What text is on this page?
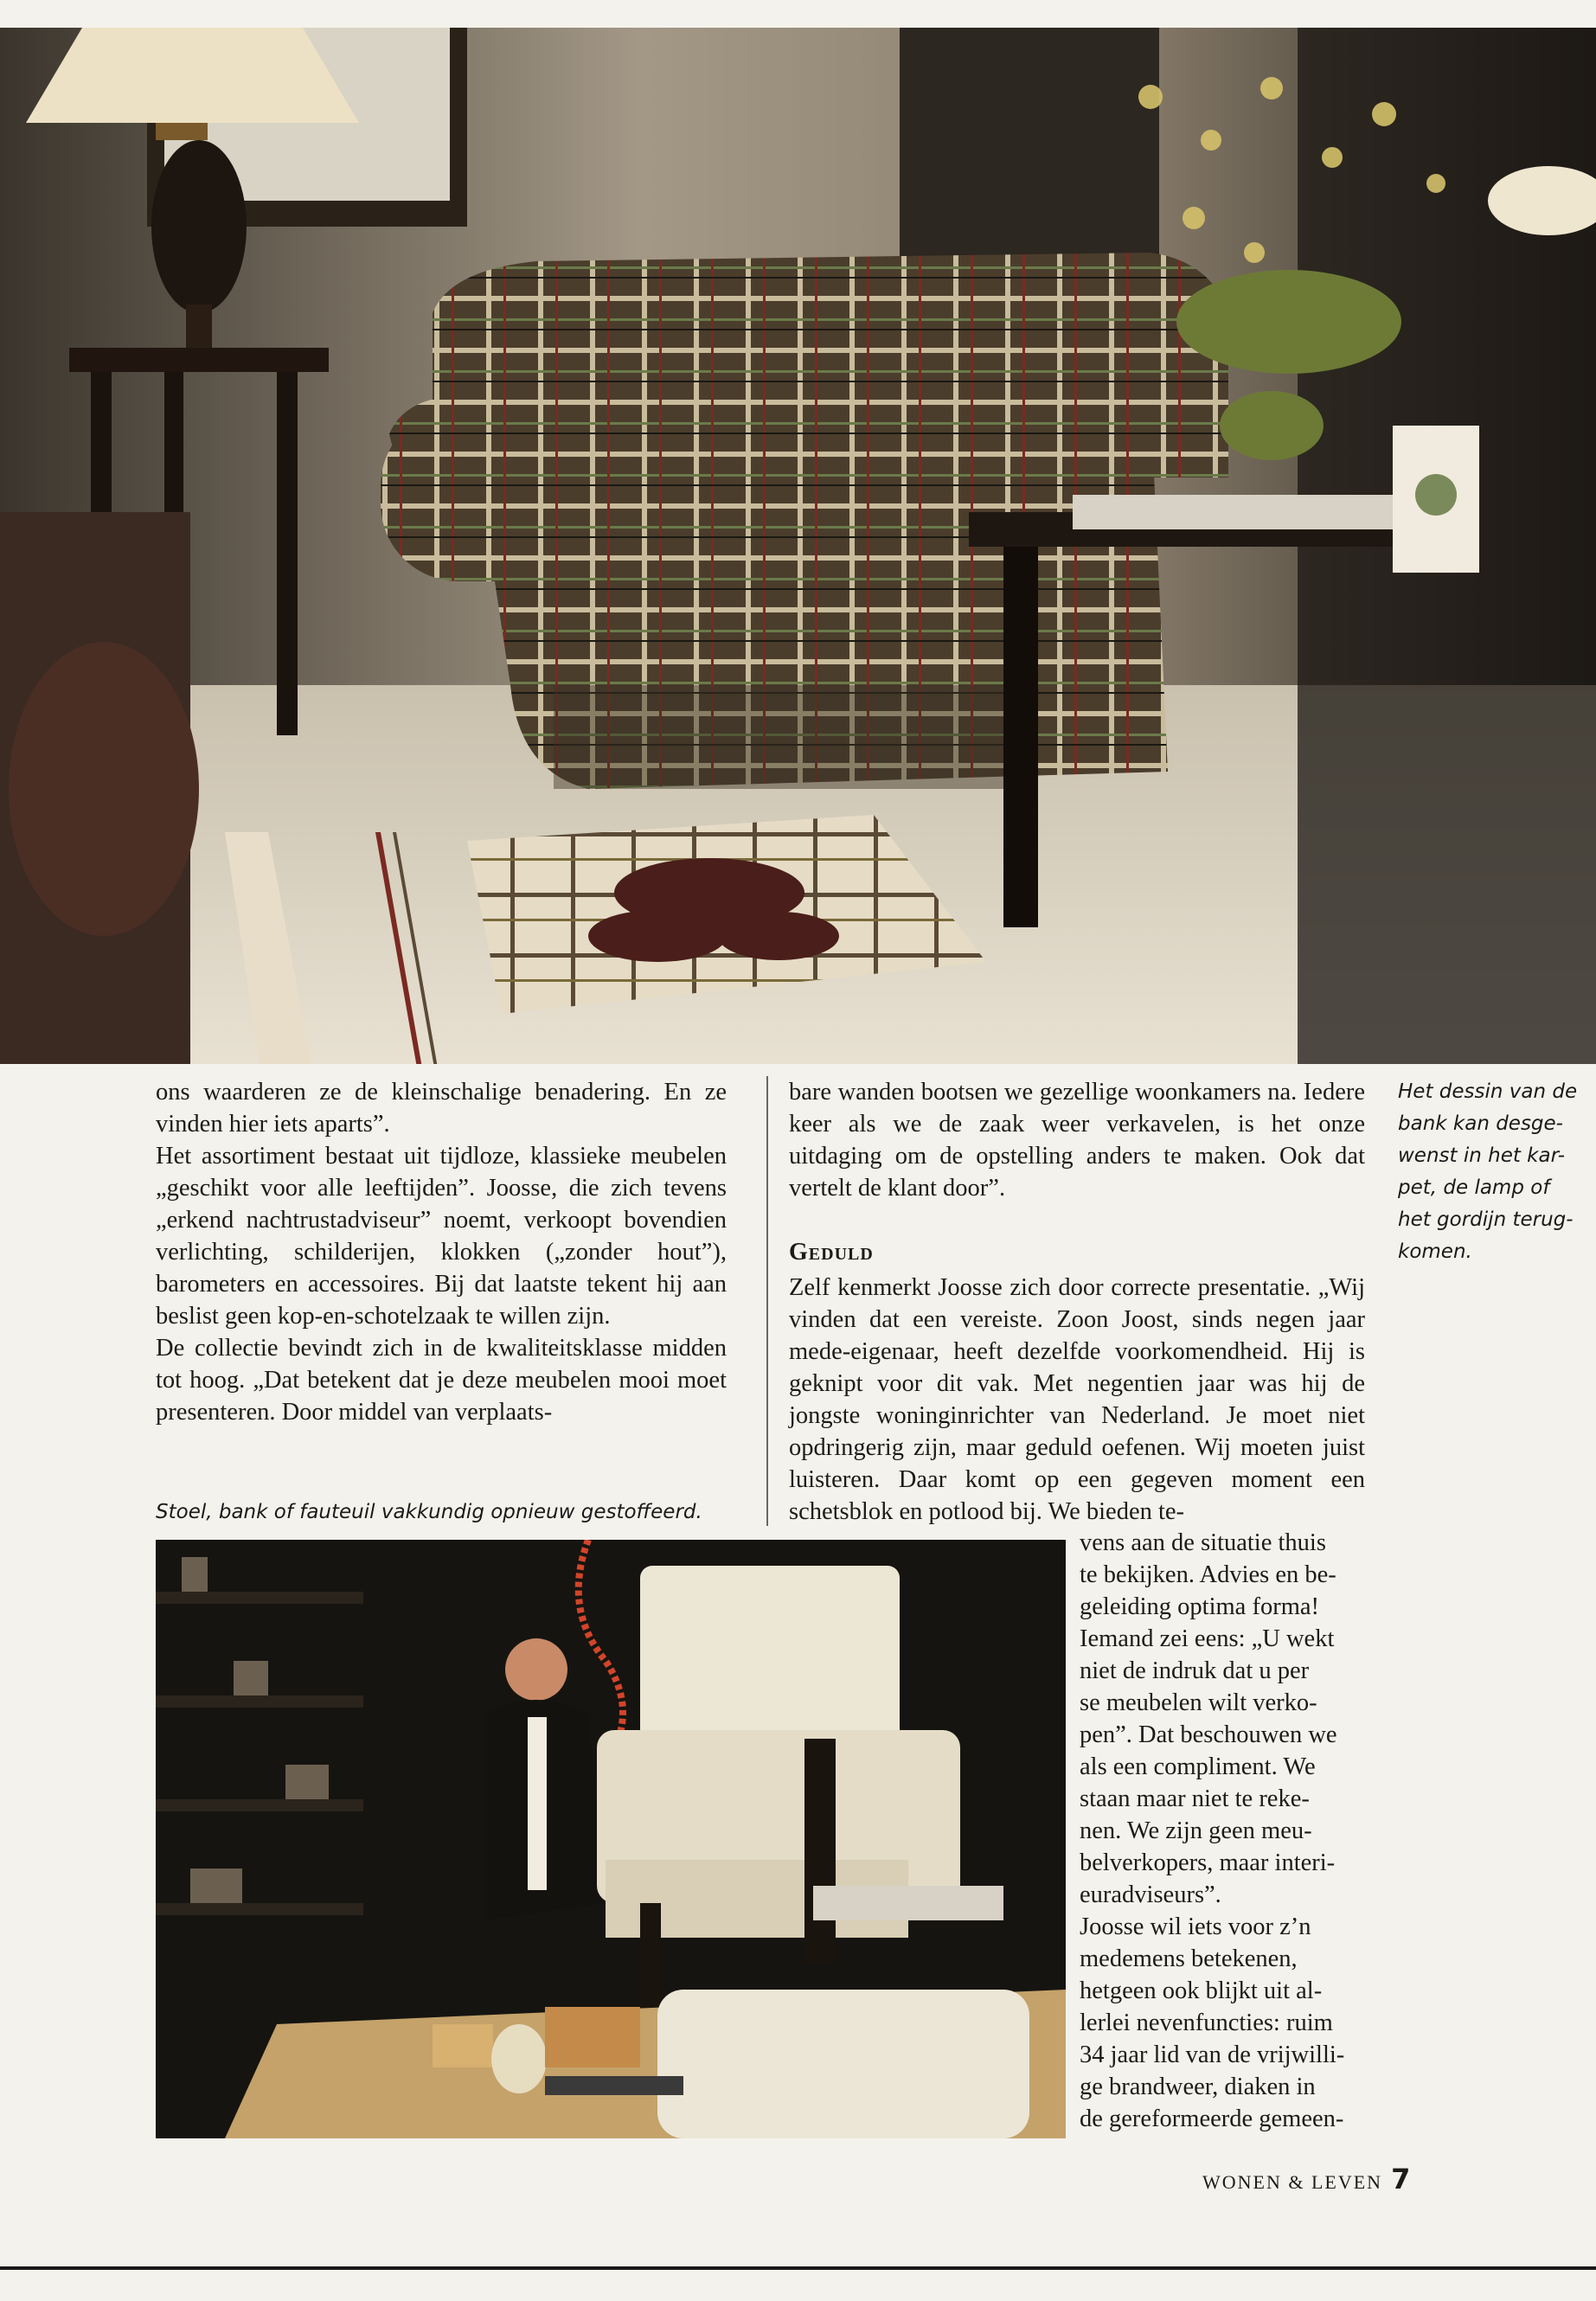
ons waarderen ze de kleinschalige benadering. En ze vinden hier iets aparts”.

Het assortiment bestaat uit tijdloze, klassieke meubelen „geschikt voor alle leeftijden”. Joosse, die zich tevens „erkend nachtrustadviseur” noemt, verkoopt bovendien verlichting, schilderijen, klokken („zonder hout”), barometers en accessoires. Bij dat laatste tekent hij aan beslist geen kop-en-schotelzaak te willen zijn.

De collectie bevindt zich in de kwaliteitsklasse midden tot hoog. „Dat betekent dat je deze meubelen mooi moet presenteren. Door middel van verplaats-

Stoel, bank of fauteuil vakkundig opnieuw gestoffeerd.

bare wanden bootsen we gezellige woonkamers na. Iedere keer als we de zaak weer verkavelen, is het onze uitdaging om de opstelling anders te maken. Ook dat vertelt de klant door”.

Geduld

Zelf kenmerkt Joosse zich door correcte presentatie. „Wij vinden dat een vereiste. Zoon Joost, sinds negen jaar mede-eigenaar, heeft dezelfde voorkomendheid. Hij is geknipt voor dit vak. Met negentien jaar was hij de jongste woninginrichter van Nederland. Je moet niet opdringerig zijn, maar geduld oefenen. Wij moeten juist luisteren. Daar komt op een gegeven moment een schetsblok en potlood bij. We bieden te-

vens aan de situatie thuis
te bekijken. Advies en be-
geleiding optima forma!
Iemand zei eens: „U wekt
niet de indruk dat u per
se meubelen wilt verko-
pen”. Dat beschouwen we
als een compliment. We
staan maar niet te reke-
nen. We zijn geen meu-
belverkopers, maar interi-
euradviseurs”.
Joosse wil iets voor z’n
medemens betekenen,
hetgeen ook blijkt uit al-
lerlei nevenfuncties: ruim
34 jaar lid van de vrijwilli-
ge brandweer, diaken in
de gereformeerde gemeen-
Het dessin van de
bank kan desge-
wenst in het kar-
pet, de lamp of
het gordijn terug-
komen.
WONEN & LEVEN 7
